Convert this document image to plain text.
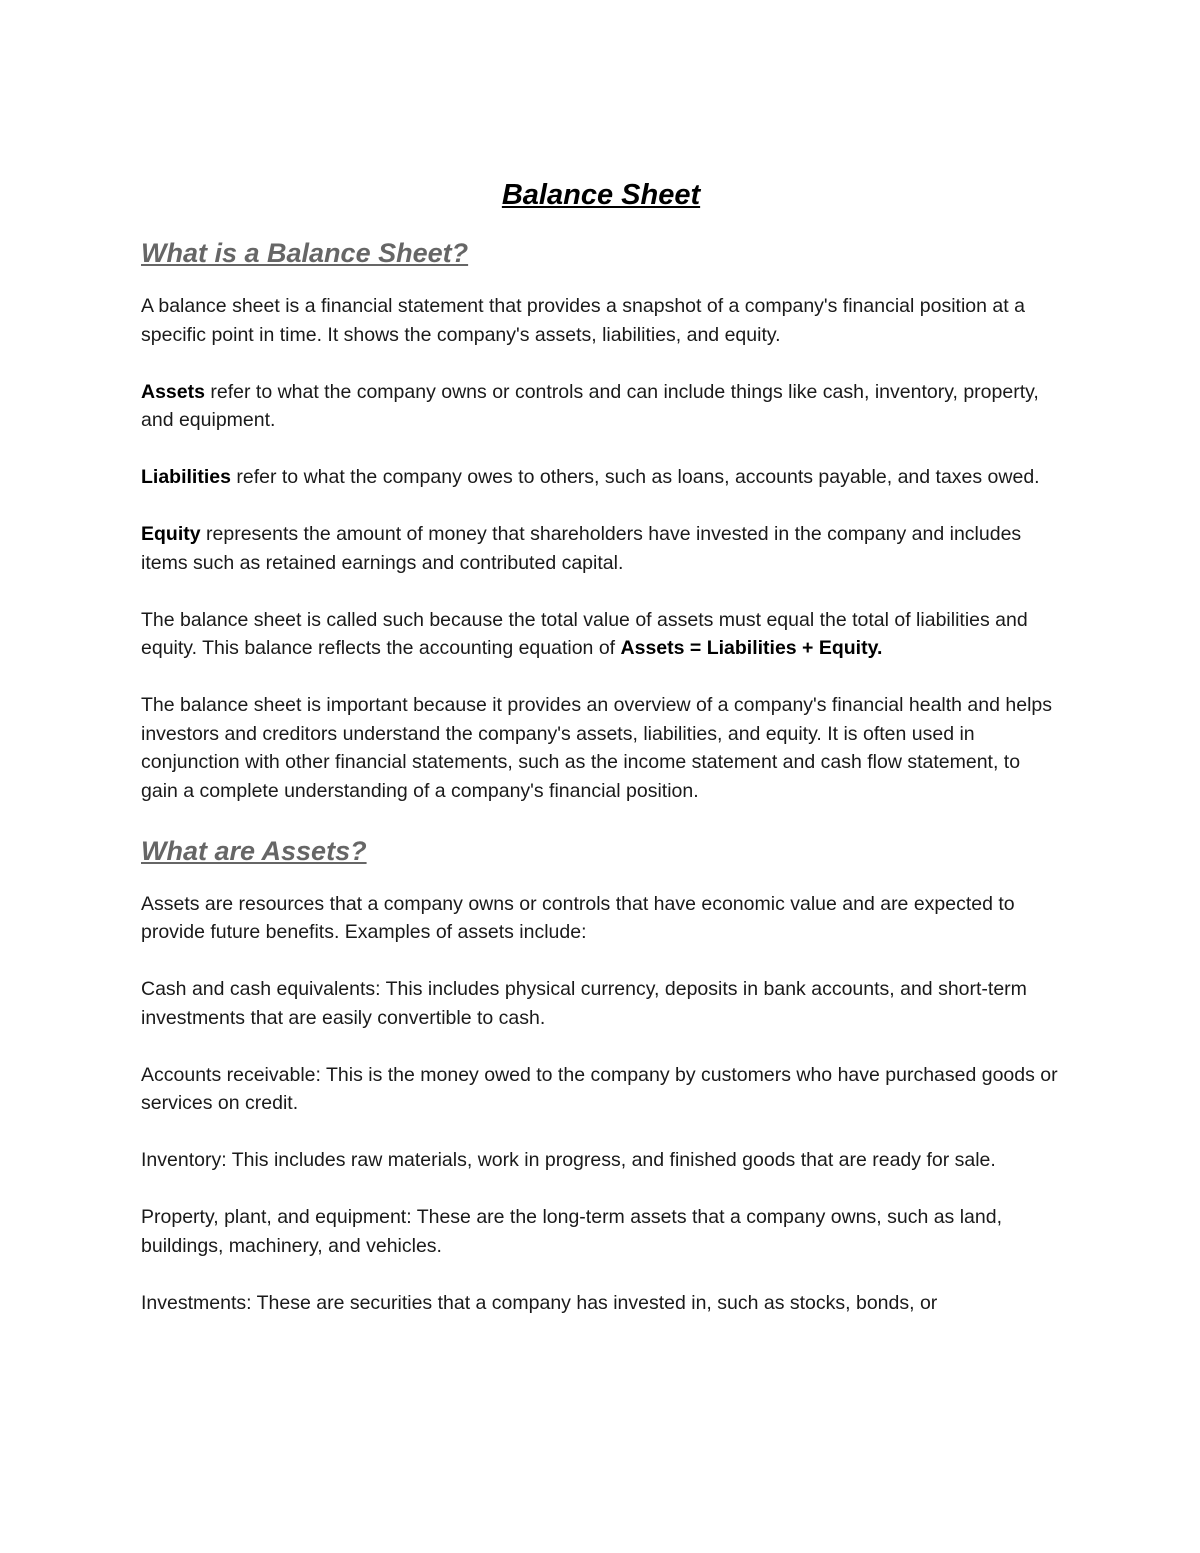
Balance Sheet
What is a Balance Sheet?

A balance sheet is a financial statement that provides a snapshot of a company's financial position at a specific point in time. It shows the company's assets, liabilities, and equity.

Assets refer to what the company owns or controls and can include things like cash, inventory, property, and equipment.

Liabilities refer to what the company owes to others, such as loans, accounts payable, and taxes owed.

Equity represents the amount of money that shareholders have invested in the company and includes items such as retained earnings and contributed capital.

The balance sheet is called such because the total value of assets must equal the total of liabilities and equity. This balance reflects the accounting equation of Assets = Liabilities + Equity.

The balance sheet is important because it provides an overview of a company's financial health and helps investors and creditors understand the company's assets, liabilities, and equity. It is often used in conjunction with other financial statements, such as the income statement and cash flow statement, to gain a complete understanding of a company's financial position.

What are Assets?

Assets are resources that a company owns or controls that have economic value and are expected to provide future benefits. Examples of assets include:

Cash and cash equivalents: This includes physical currency, deposits in bank accounts, and short-term investments that are easily convertible to cash.

Accounts receivable: This is the money owed to the company by customers who have purchased goods or services on credit.

Inventory: This includes raw materials, work in progress, and finished goods that are ready for sale.

Property, plant, and equipment: These are the long-term assets that a company owns, such as land, buildings, machinery, and vehicles.

Investments: These are securities that a company has invested in, such as stocks, bonds, or
